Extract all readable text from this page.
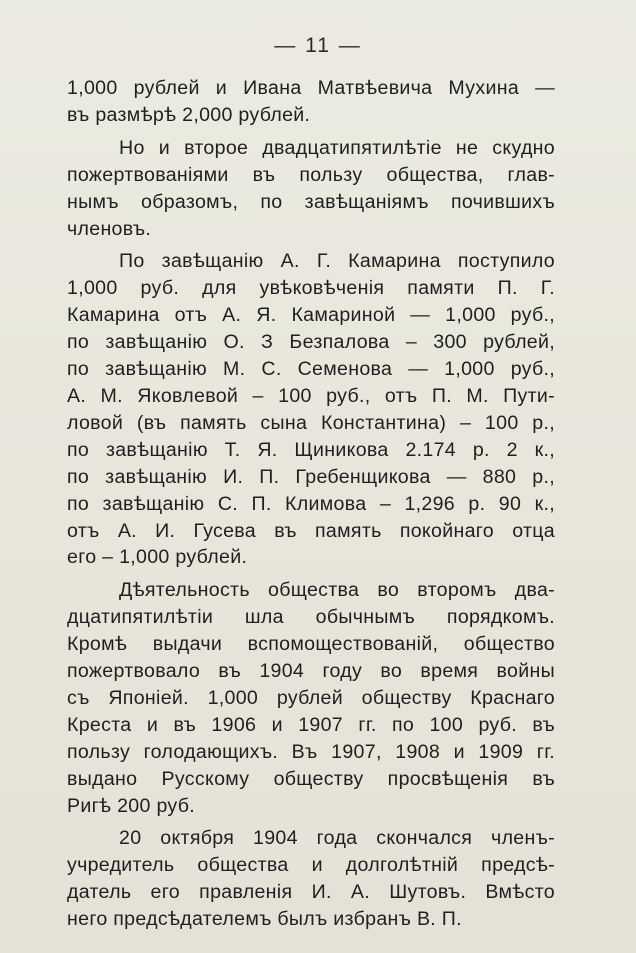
— 11 —
1,000 рублей и Ивана Матвѣевича Мухина —
въ размѣрѣ 2,000 рублей.
Но и второе двадцатипятилѣтіе не скудно
пожертвованіями въ пользу общества, глав-
нымъ образомъ, по завѣщаніямъ почившихъ
членовъ.
По завѣщанію А. Г. Камарина поступило
1,000 руб. для увѣковѣченія памяти П. Г.
Камарина отъ А. Я. Камариной — 1,000 руб.,
по завѣщанію О. З Безпалова – 300 рублей,
по завѣщанію М. С. Семенова — 1,000 руб.,
А. М. Яковлевой – 100 руб., отъ П. М. Пути-
ловой (въ память сына Константина) – 100 р.,
по завѣщанію Т. Я. Щиникова 2.174 р. 2 к.,
по завѣщанію И. П. Гребенщикова — 880 р.,
по завѣщанію С. П. Климова – 1,296 р. 90 к.,
отъ А. И. Гусева въ память покойнаго отца
его – 1,000 рублей.
Дѣятельность общества во второмъ два-
дцатипятилѣтіи шла обычнымъ порядкомъ.
Кромѣ выдачи вспомоществованій, общество
пожертвовало въ 1904 году во время войны
съ Японіей. 1,000 рублей обществу Краснаго
Креста и въ 1906 и 1907 гг. по 100 руб. въ
пользу голодающихъ. Въ 1907, 1908 и 1909 гг.
выдано Русскому обществу просвѣщенія въ
Ригѣ 200 руб.
20 октября 1904 года скончался членъ-
учредитель общества и долголѣтній предсѣ-
датель его правленія И. А. Шутовъ. Вмѣсто
него предсѣдателемъ былъ избранъ В. П.
